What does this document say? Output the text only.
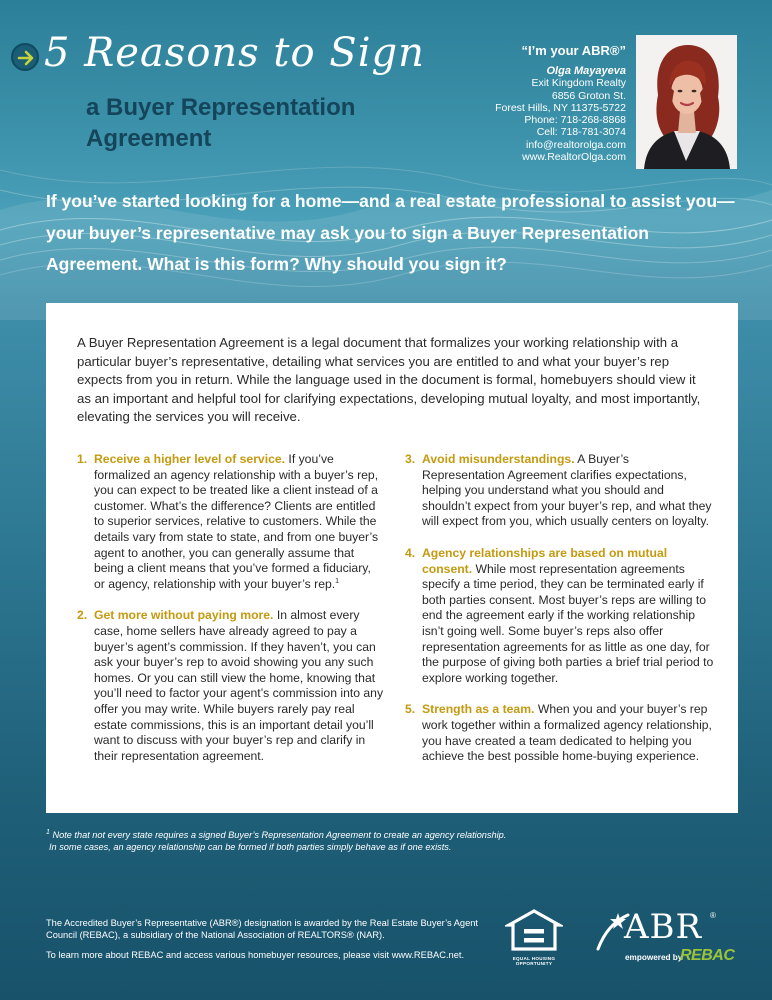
5 Reasons to Sign
a Buyer Representation Agreement
“I’m your ABR®”
Olga Mayayeva
Exit Kingdom Realty
6856 Groton St.
Forest Hills, NY 11375-5722
Phone: 718-268-8868
Cell: 718-781-3074
info@realtorolga.com
www.RealtorOlga.com
If you’ve started looking for a home—and a real estate professional to assist you—your buyer’s representative may ask you to sign a Buyer Representation Agreement. What is this form? Why should you sign it?

A Buyer Representation Agreement is a legal document that formalizes your working relationship with a particular buyer’s representative, detailing what services you are entitled to and what your buyer’s rep expects from you in return. While the language used in the document is formal, homebuyers should view it as an important and helpful tool for clarifying expectations, developing mutual loyalty, and most importantly, elevating the services you will receive.

1. Receive a higher level of service. If you’ve formalized an agency relationship with a buyer’s rep, you can expect to be treated like a client instead of a customer. What’s the difference? Clients are entitled to superior services, relative to customers. While the details vary from state to state, and from one buyer’s agent to another, you can generally assume that being a client means that you’ve formed a fiduciary, or agency, relationship with your buyer’s rep.$^1$
2. Get more without paying more. In almost every case, home sellers have already agreed to pay a buyer’s agent’s commission. If they haven’t, you can ask your buyer’s rep to avoid showing you any such homes. Or you can still view the home, knowing that you’ll need to factor your agent’s commission into any offer you may write. While buyers rarely pay real estate commissions, this is an important detail you’ll want to discuss with your buyer’s rep and clarify in their representation agreement.
3. Avoid misunderstandings. A Buyer’s Representation Agreement clarifies expectations, helping you understand what you should and shouldn’t expect from your buyer’s rep, and what they will expect from you, which usually centers on loyalty.
4. Agency relationships are based on mutual consent. While most representation agreements specify a time period, they can be terminated early if both parties consent. Most buyer’s reps are willing to end the agreement early if the working relationship isn’t going well. Some buyer’s reps also offer representation agreements for as little as one day, for the purpose of giving both parties a brief trial period to explore working together.
5. Strength as a team. When you and your buyer’s rep work together within a formalized agency relationship, you have created a team dedicated to helping you achieve the best possible home-buying experience.
$^1$ Note that not every state requires a signed Buyer’s Representation Agreement to create an agency relationship.
In some cases, an agency relationship can be formed if both parties simply behave as if one exists.
The Accredited Buyer’s Representative (ABR®) designation is awarded by the Real Estate Buyer’s Agent Council (REBAC), a subsidiary of the National Association of REALTORS® (NAR).
To learn more about REBAC and access various homebuyer resources, please visit www.REBAC.net.	EQUAL HOUSING
OPPORTUNITY
ABR ®
empowered by
REBAC
